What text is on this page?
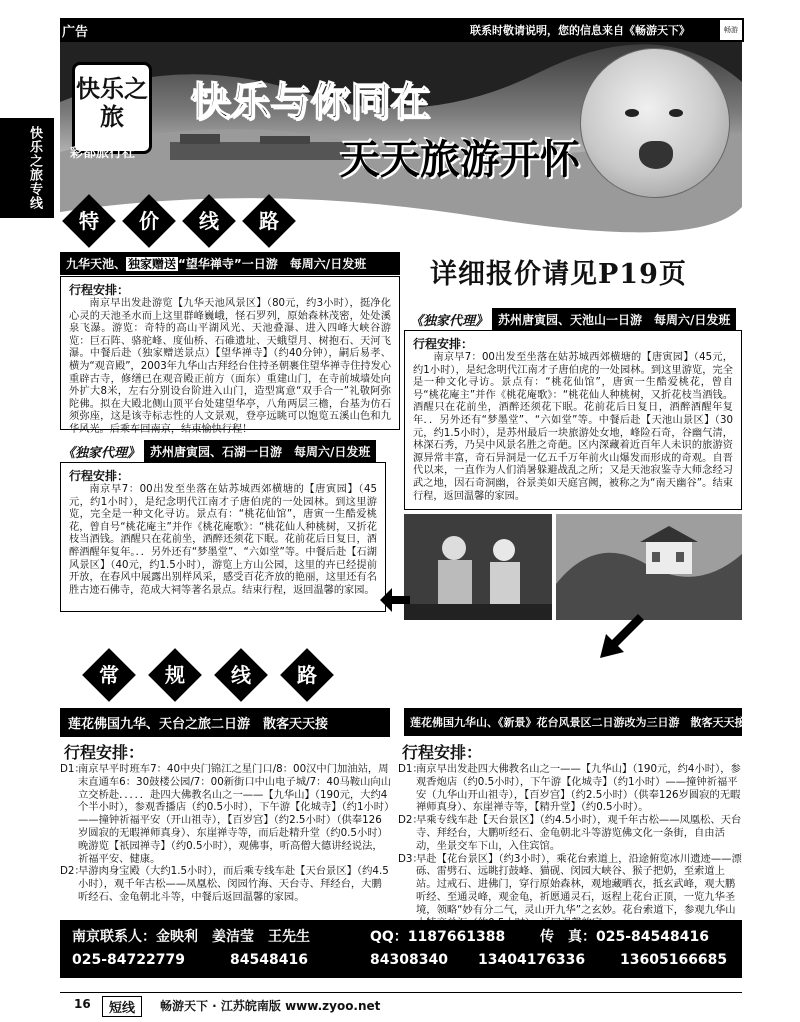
广告	联系时敬请说明，您的信息来自《畅游天下》	畅游
快乐之旅专线
快乐之旅
彩都旅行社
快乐与你同在
天天旅游开怀
特	价	线	路
详细报价请见P19页
九华天池、 独家赠送 “望华禅寺”一日游　每周六/日发班
行程安排：
南京早出发赴游览【九华天池风景区】（80元，约3小时），挺净化心灵的天池圣水而上这里群峰巍峨，怪石罗列，原始森林茂密，处处溪泉飞瀑。游览：奇特的高山平湖风光、天池叠瀑、进入四峰大峡谷游览：巨石阵、骆驼峰、度仙桥、石碓遗址、天蛾望月、树抱石、天河飞瀑。中餐后赴（独家赠送景点）【望华禅寺】（约40分钟），嗣后易孝、横为“观音殿”，2003年九华山古拜经台住持圣朝裹住望华禅寺住持发心重辟古寺，修缮已在观音殿正前方（面东）重建山门，在寺前城墙处向外扩大8米，左右分别设台阶进入山门，造型寓意“双手合一”礼敬阿弥陀佛。拟在大殿北侧山顶平台处建望华亭，八角两层三檐，台基为仿石须弥座，这是该寺标志性的人文景观，登亭远眺可以饱览五溪山色和九华风光。后乘车回南京，结束愉快行程！
《独家代理》 苏州唐寅园、石湖一日游　每周六/日发班
行程安排：
南京早7：00出发至坐落在姑苏城西郊横塘的【唐寅园】（45元，约1小时），是纪念明代江南才子唐伯虎的一处园林。到这里游览，完全是一种文化寻访。景点有：“桃花仙馆”，唐寅一生酷爱桃花，曾自号“桃花庵主”并作《桃花庵歌》：“桃花仙人种桃树，又折花枝当酒钱。酒醒只在花前坐，酒醉还须花下眠。花前花后日复日，酒醉酒醒年复年。．．另外还有“梦墨堂”、“六如堂”等。中餐后赴【石湖风景区】（40元，约1.5小时），游览上方山公园，这里的卉已经提前开放，在春风中展露出别样风采，感受百花齐放的艳丽，这里还有名胜古迹石佛寺，范成大祠等著名景点。结束行程，返回温馨的家园。
《独家代理》 苏州唐寅园、天池山一日游　每周六/日发班
行程安排：
南京早7：00出发至坐落在姑苏城西郊横塘的【唐寅园】（45元，约1小时），是纪念明代江南才子唐伯虎的一处园林。到这里游览，完全是一种文化寻访。景点有：“桃花仙馆”，唐寅一生酷爱桃花，曾自号“桃花庵主”并作《桃花庵歌》：“桃花仙人种桃树，又折花枝当酒钱。酒醒只在花前坐，酒醉还须花下眠。花前花后日复日，酒醉酒醒年复年．．另外还有“梦墨堂”、“六如堂”等。中餐后赴【天池山景区】（30元，约1.5小时），是苏州最后一块旅游处女地，峰险石奇，谷幽气清，林深石秀，乃吴中风景名胜之奇葩。区内深藏着近百年人未识的旅游资源异常丰富，奇石异洞是一亿五千万年前火山爆发而形成的奇观。自晋代以来，一直作为人们消暑躲避战乱之所；又是天池寂鉴寺大师念经习武之地，因石奇洞幽，谷景美如天庭宫阙，被称之为“南天幽谷”。结束行程，返回温馨的家园。
常	规	线	路
莲花佛国九华、天台之旅二日游　散客天天接
行程安排：
D1：
南京早平时班车7：40中央门锦江之星门口/8：00汉中门加油站，周末直通车6：30鼓楼公园/7：00新街口中山电子城/7：40马鞍山向山立交桥赴．．．．．赴四大佛教名山之一——【九华山】（190元，大约4个半小时），参观香播店（约0.5小时），下午游【化城寺】（约1小时）——撞钟祈福平安（开山祖寺），【百岁宫】（约2.5小时）（供奉126岁圆寂的无暇禅师真身）、东崖禅寺等，而后赴精升堂（约0.5小时）晚游览【祇园禅寺】（约0.5小时），观佛事，听高僧大德讲经说法，祈福平安、健康。
D2：
早游肉身宝殿（大约1.5小时），而后乘专线车赴【天台景区】（约4.5小时），观千年古松——凤凰松、闵园竹海、天台寺、拜经台，大鹏听经石、金龟朝北斗等，中餐后返回温馨的家园。
莲花佛国九华山、《新景》花台风景区二日游改为三日游　散客天天接
行程安排：
D1：
南京早出发赴四大佛教名山之一——【九华山】（190元，约4小时），参观香炮店（约0.5小时），下午游【化城寺】（约1小时）——撞钟祈福平安（九华山开山祖寺），【百岁宫】（约2.5小时）（供奉126岁圆寂的无暇禅师真身）、东崖禅寺等，【精升堂】（约0.5小时）。
D2：
早乘专线车赴【天台景区】（约4.5小时），观千年古松——凤凰松、天台寺、拜经台，大鹏听经石、金龟朝北斗等游览佛文化一条街，自由活动，坐景交车下山，入住宾馆。
D3：
早赴【花台景区】（约3小时），乘花台索道上，沿途俯览冰川遗迹——漂砾、雷劈石、远眺打鼓峰、猫砚、闵园大峡谷、猴子把奶，至索道上站。过戒石、进佛门，穿行原始森林，观地藏晒衣，抵玄武峰，观大鹏听经、至通灵峰，观金龟，祈愿通灵石，返程上花台正顶，一览九华圣境，领略“妙有分二气，灵山开九华”之玄妙。花台索道下，参观九华山
南京联系人：金映利　姜洁莹　王先生	QQ：1187661388 传　真：025-84548416
025-84722779	84548416	84308340 13404176336 13605166685
16	短线	畅游天下 · 江苏皖南版 www.zyoo.net
